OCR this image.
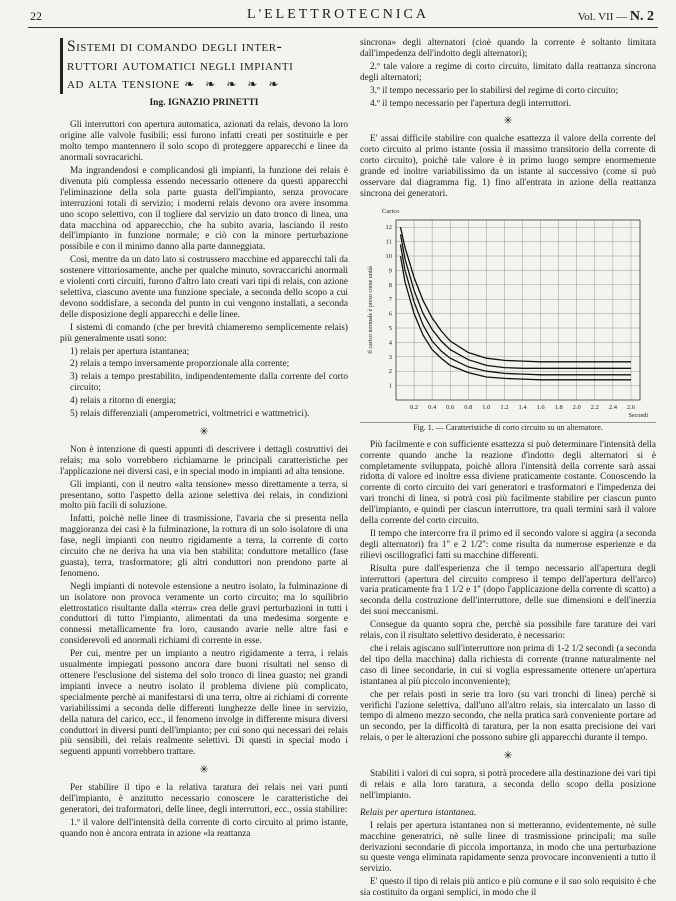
22	L'ELETTROTECNICA	Vol. VII — N. 2
Sistemi di comando degli inter-
ruttori automatici negli impianti
ad alta tensione ❧ ❧ ❧ ❧ ❧
Ing. IGNAZIO PRINETTI

Gli interruttori con apertura automatica, azionati da relais, devono la loro origine alle valvole fusibili; essi furono infatti creati per sostituirle e per molto tempo mantennero il solo scopo di proteggere apparecchi e linee da anormali sovracarichi.

Ma ingrandendosi e complicandosi gli impianti, la funzione dei relais è divenuta più complessa essendo necessario ottenere da questi apparecchi l'eliminazione della sola parte guasta dell'impianto, senza provocare interruzioni totali di servizio; i moderni relais devono ora avere insomma uno scopo selettivo, con il togliere dal servizio un dato tronco di linea, una data macchina od apparecchio, che ha subito avaria, lasciando il resto dell'impianto in funzione normale; e ciò con la minore perturbazione possibile e con il minimo danno alla parte danneggiata.

Così, mentre da un dato lato si costrussero macchine ed apparecchi tali da sostenere vittoriosamente, anche per qualche minuto, sovraccarichi anormali e violenti corti circuiti, furono d'altro lato creati vari tipi di relais, con azione selettiva, ciascuno avente una funzione speciale, a seconda dello scopo a cui devono soddisfare, a seconda del punto in cui vengono installati, a seconda delle disposizione degli apparecchi e delle linee.

I sistemi di comando (che per brevità chiameremo semplicemente relais) più generalmente usati sono:

1) relais per apertura istantanea;

2) relais a tempo inversamente proporzionale alla corrente;

3) relais a tempo prestabilito, indipendentemente dalla corrente del corto circuito;

4) relais a ritorno di energia;

5) relais differenziali (amperometrici, voltmetrici e wattmetrici).

✳

Non è intenzione di questi appunti di descrivere i dettagli costruttivi dei relais; ma solo vorrebbero richiamarne le principali caratteristiche per l'applicazione nei diversi casi, e in special modo in impianti ad alta tensione.

Gli impianti, con il neutro «alta tensione» messo direttamente a terra, si presentano, sotto l'aspetto della azione selettiva dei relais, in condizioni molto più facili di soluzione.

Infatti, poichè nelle linee di trasmissione, l'avaria che si presenta nella maggioranza dei casi è la fulminazione, la rottura di un solo isolatore di una fase, negli impianti con neutro rigidamente a terra, la corrente di corto circuito che ne deriva ha una via ben stabilita: conduttore metallico (fase guasta), terra, trasformatore; gli altri conduttori non prendono parte al fenomeno.

Negli impianti di notevole estensione a neutro isolato, la fulminazione di un isolatore non provoca veramente un corto circuito; ma lo squilibrio elettrostatico risultante dalla «terra» crea delle gravi perturbazioni in tutti i conduttori di tutto l'impianto, alimentati da una medesima sorgente e connessi metallicamente fra loro, causando avarie nelle altre fasi e considerevoli ed anormali richiami di corrente in esse.

Per cui, mentre per un impianto a neutro rigidamente a terra, i relais usualmente impiegati possono ancora dare buoni risultati nel senso di ottenere l'esclusione del sistema del solo tronco di linea guasto; nei grandi impianti invece a neutro isolato il problema diviene più complicato, specialmente perchè ai manifestarsi di una terra, oltre ai richiami di corrente variabilissimi a seconda delle differenti lunghezze delle linee in servizio, della natura del carico, ecc., il fenomeno involge in differente misura diversi conduttori in diversi punti dell'impianto; per cui sono qui necessari dei relais più sensibili, dei relais realmente selettivi. Di questi in special modo i seguenti appunti vorrebbero trattare.

✳

Per stabilire il tipo e la relativa taratura dei relais nei vari punti dell'impianto, è anzitutto necessario conoscere le caratteristiche dei generatori, dei traformatori, delle linee, degli interruttori, ecc., ossia stabilire:

1.º il valore dell'intensità della corrente di corto circuito al primo istante, quando non è ancora entrata in azione «la reattanza

sincrona» degli alternatori (cioè quando la corrente è soltanto limitata dall'impedenza dell'indotto degli alternatori);

2.º tale valore a regime di corto circuito, limitato dalla reattanza sincrona degli alternatori;

3.º il tempo necessario per lo stabilirsi del regime di corto circuito;

4.º il tempo necessario per l'apertura degli interruttori.

✳

E' assai difficile stabilire con qualche esattezza il valore della corrente del corto circuito al primo istante (ossia il massimo transitorio della corrente di corto circuito), poichè tale valore è in primo luogo sempre enormemente grande ed inoltre variabilissimo da un istante al successivo (come si può osservare dal diagramma fig. 1) fino all'entrata in azione della reattanza sincrona dei generatori.

0.2 0.4 0.6 0.8 1.0 1.2 1.4 1.6 1.8 2.0 2.2 2.4 2.6
1
2
3
4
5
6
7
8
9
10
11
12
Carico
Secondi
Il carico normale è preso come unità
Fig. 1. — Caratteristiche di corto circuito su un alternatore.

Più facilmente e con sufficiente esattezza si può determinare l'intensità della corrente quando anche la reazione d'indotto degli alternatori si è completamente sviluppata, poichè allora l'intensità della corrente sarà assai ridotta di valore ed inoltre essa diviene praticamente costante. Conoscendo la corrente di corto circuito dei vari generatori e trasformatori e l'impedenza dei vari tronchi di linea, si potrà così più facilmente stabilire per ciascun punto dell'impianto, e quindi per ciascun interruttore, tra quali termini sarà il valore della corrente del corto circuito.

Il tempo che intercorre fra il primo ed il secondo valore si aggira (a seconda degli alternatori) fra 1'' e 2 1/2'': come risulta da numerose esperienze e da rilievi oscillografici fatti su macchine differenti.

Risulta pure dall'esperienza che il tempo necessario all'apertura degli interruttori (apertura del circuito compreso il tempo dell'apertura dell'arco) varia praticamente fra 1 1/2 e 1'' (dopo l'applicazione della corrente di scatto) a seconda della costruzione dell'interruttore, delle sue dimensioni e dell'inerzia dei suoi meccanismi.

Consegue da quanto sopra che, perchè sia possibile fare tarature dei vari relais, con il risultato selettivo desiderato, è necessario:

che i relais agiscano sull'interruttore non prima di 1-2 1/2 secondi (a seconda del tipo della macchina) dalla richiesta di corrente (tranne naturalmente nel caso di linee secondarie, in cui si voglia espressamente ottenere un'apertura istantanea al più piccolo inconveniente);

che per relais posti in serie tra loro (su vari tronchi di linea) perchè si verifichi l'azione selettiva, dall'uno all'altro relais, sia intercalato un lasso di tempo di almeno mezzo secondo, che nella pratica sarà conveniente portare ad un secondo, per la difficoltà di taratura, per la non esatta precisione dei vari relais, o per le alterazioni che possono subire gli apparecchi durante il tempo.

✳

Stabiliti i valori di cui sopra, si potrà procedere alla destinazione dei vari tipi di relais e alla loro taratura, a seconda dello scopo della posizione nell'impianto.

Relais per apertura istantanea.

I relais per apertura istantanea non si metteranno, evidentemente, nè sulle macchine generatrici, nè sulle linee di trasmissione principali; ma sulle derivazioni secondarie di piccola importanza, in modo che una perturbazione su queste venga eliminata rapidamente senza provocare inconvenienti a tutto il servizio.

E' questo il tipo di relais più antico e più comune e il suo solo requisito è che sia costituito da organi semplici, in modo che il
